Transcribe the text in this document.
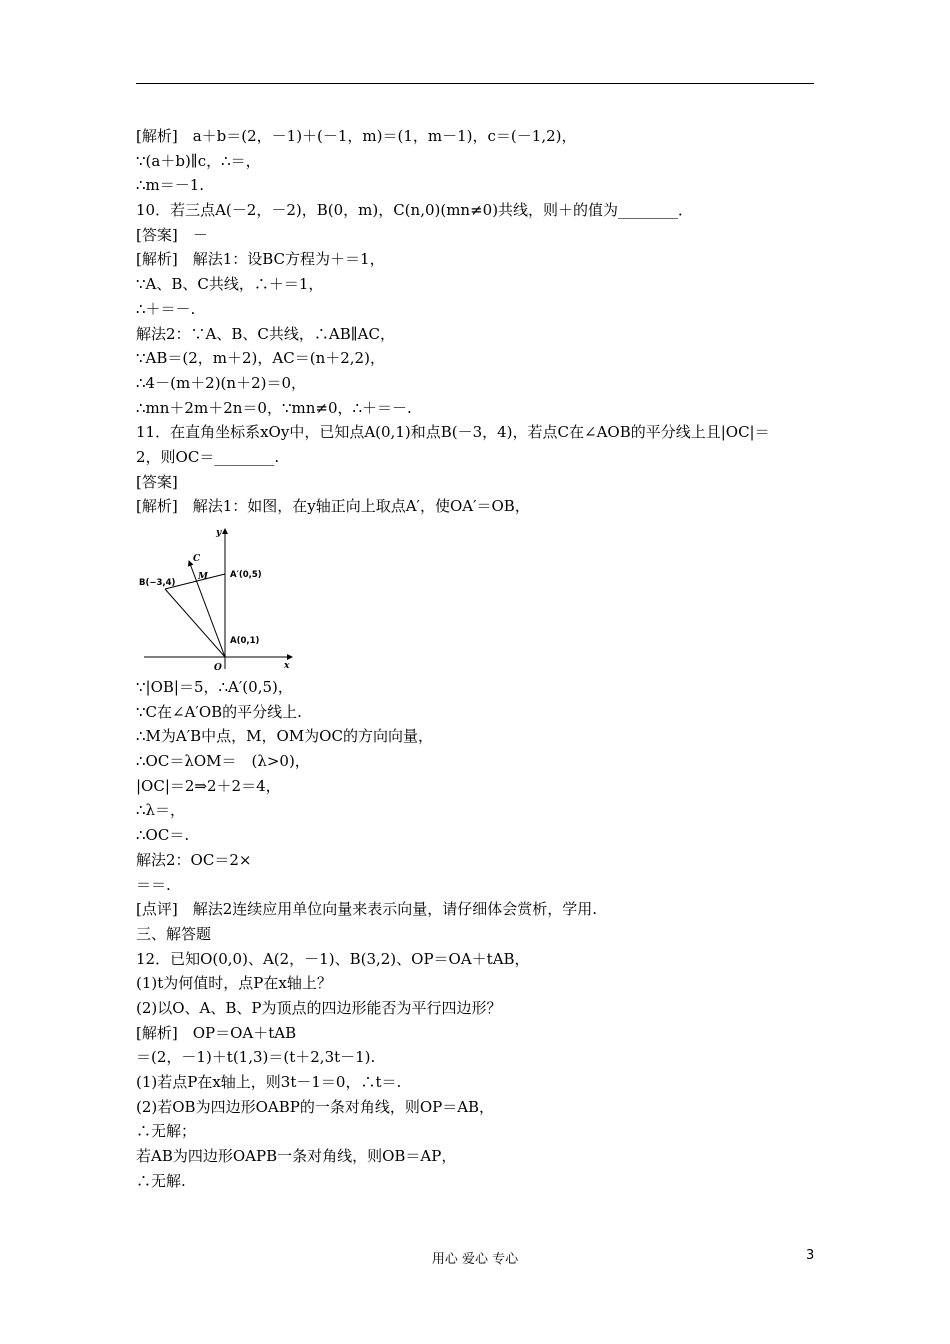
[解析]　a＋b＝(2，－1)＋(－1，m)＝(1，m－1)，c＝(－1,2)，
∵(a＋b)∥c，∴＝，
∴m＝－1.
10．若三点A(－2，－2)，B(0，m)，C(n,0)(mn≠0)共线，则＋的值为________．
[答案]　－
[解析]　解法1：设BC方程为＋＝1，
∵A、B、C共线，∴＋＝1，
∴＋＝－.
解法2：∵A、B、C共线，∴AB∥AC，
∵AB＝(2，m＋2)，AC＝(n＋2,2)，
∴4－(m＋2)(n＋2)＝0，
∴mn＋2m＋2n＝0，∵mn≠0，∴＋＝－.
11．在直角坐标系xOy中，已知点A(0,1)和点B(－3，4)，若点C在∠AOB的平分线上且|OC|＝
2，则OC＝________.
[答案]
[解析]　解法1：如图，在y轴正向上取点A′，使OA′＝OB，
y
x
O
C
M
B(−3,4)
A′(0,5)
A(0,1)
∵|OB|＝5，∴A′(0,5)，
∵C在∠A′OB的平分线上.
∴M为A′B中点，M，OM为OC的方向向量，
∴OC＝λOM＝　(λ>0)，
|OC|＝2⇒2＋2＝4，
∴λ＝，
∴OC＝.
解法2：OC＝2×
＝＝.
[点评]　解法2连续应用单位向量来表示向量，请仔细体会赏析，学用.
三、解答题
12．已知O(0,0)、A(2，－1)、B(3,2)、OP＝OA＋tAB，
(1)t为何值时，点P在x轴上？
(2)以O、A、B、P为顶点的四边形能否为平行四边形？
[解析]　OP＝OA＋tAB
＝(2，－1)＋t(1,3)＝(t＋2,3t－1).
(1)若点P在x轴上，则3t－1＝0，∴t＝.
(2)若OB为四边形OABP的一条对角线，则OP＝AB，
∴无解；
若AB为四边形OAPB一条对角线，则OB＝AP，
∴无解.
用心 爱心 专心	3
